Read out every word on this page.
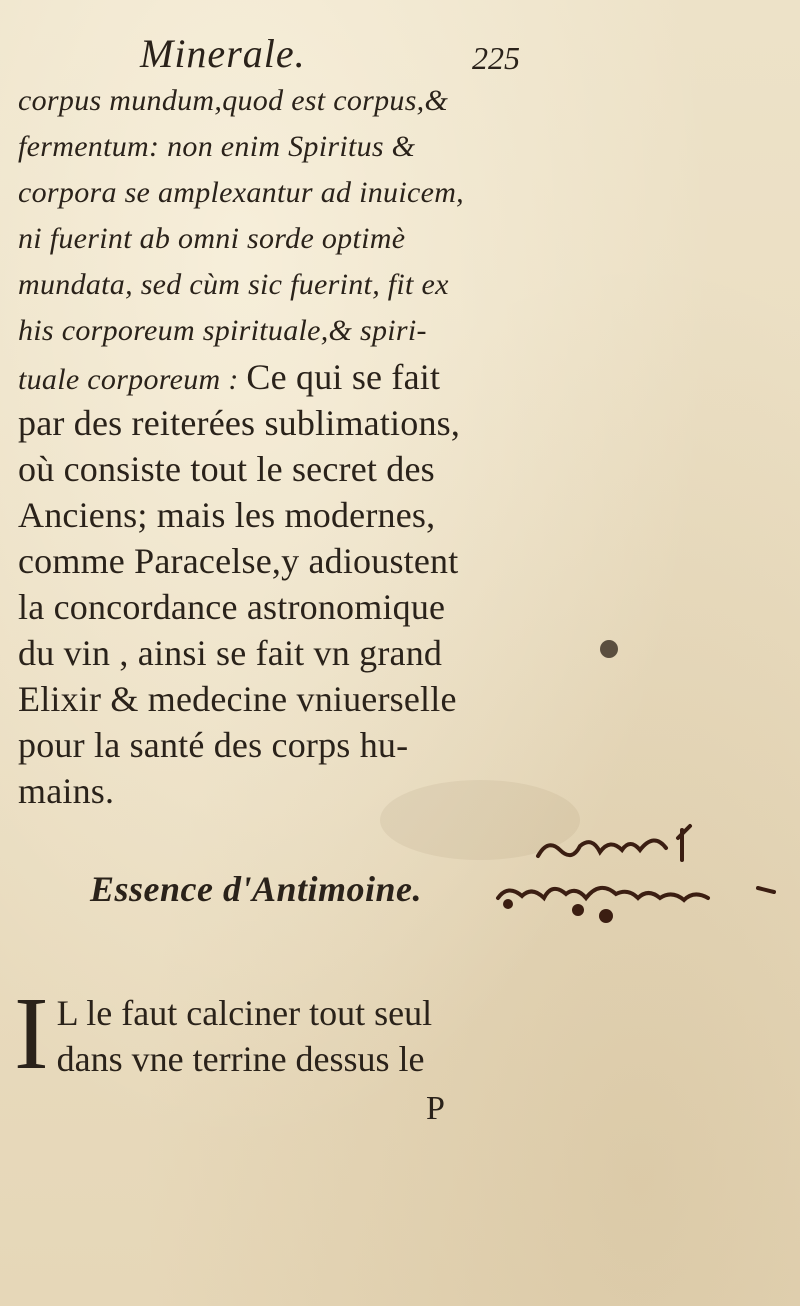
Minerale.	225
corpus mundum,quod est corpus,&
fermentum: non enim Spiritus &
corpora se amplexantur ad inuicem,
ni fuerint ab omni sorde optimè
mundata, sed cùm sic fuerint, fit ex
his corporeum spirituale,& spiri-
tuale corporeum : Ce qui se fait
par des reiterées sublimations,
où consiste tout le secret des
Anciens; mais les modernes,
comme Paracelse,y adioustent
la concordance astronomique
du vin , ainsi se fait vn grand
Elixir & medecine vniuerselle
pour la santé des corps hu-
mains.
Essence d'Antimoine.
I L le faut calciner tout seul
dans vne terrine dessus le
P
